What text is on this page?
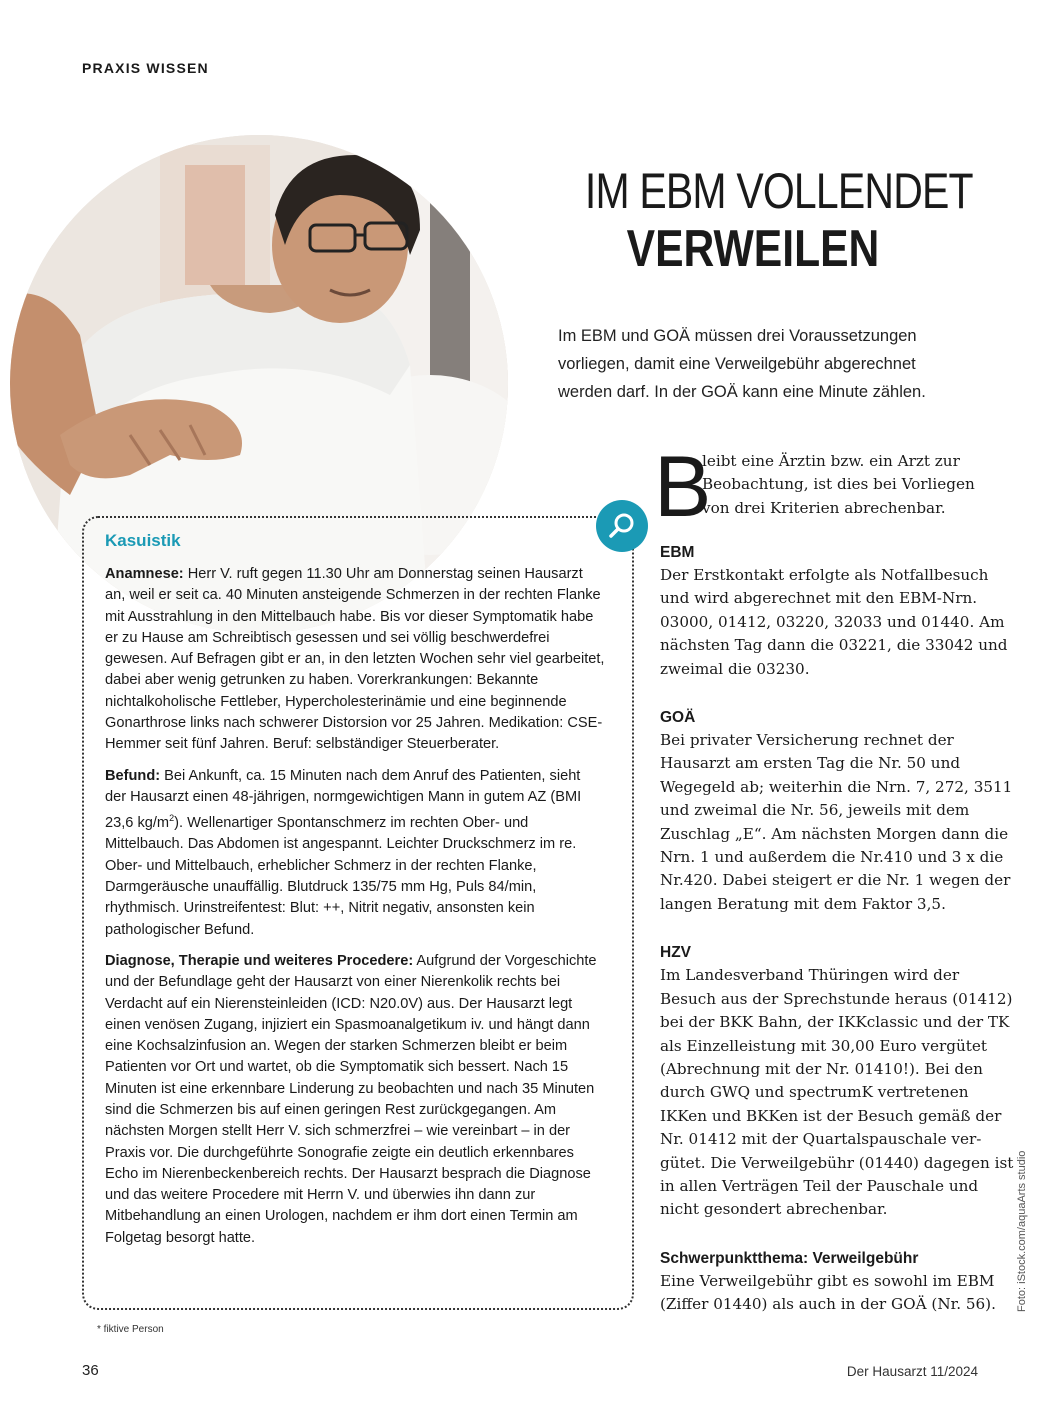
PRAXIS WISSEN
IM EBM VOLLENDET
VERWEILEN
Im EBM und GOÄ müssen drei Voraussetzungen
vorliegen, damit eine Verweilgebühr abgerechnet
werden darf. In der GOÄ kann eine Minute zählen.
Kasuistik

Anamnese: Herr V. ruft gegen 11.30 Uhr am Donnerstag seinen Hausarzt an, weil er seit ca. 40 Minuten ansteigende Schmerzen in der rechten Flanke mit Ausstrahlung in den Mittelbauch habe. Bis vor dieser Symptomatik habe er zu Hause am Schreibtisch gesessen und sei völlig beschwerdefrei gewesen. Auf Befragen gibt er an, in den letzten Wochen sehr viel gearbeitet, dabei aber wenig getrunken zu haben. Vorerkrankungen: Bekannte nichtalkoholische Fettleber, Hypercholesterinämie und eine beginnende Gonarthrose links nach schwerer Distorsion vor 25 Jahren. Medikation: CSE-Hemmer seit fünf Jahren. Beruf: selbständiger Steuerberater.

Befund: Bei Ankunft, ca. 15 Minuten nach dem Anruf des Patienten, sieht der Hausarzt einen 48-jährigen, normgewichtigen Mann in gutem AZ (BMI 23,6 $kg/m^2$). Wellenartiger Spontanschmerz im rechten Ober- und Mittelbauch. Das Abdomen ist angespannt. Leichter Druckschmerz im re. Ober- und Mittelbauch, erheblicher Schmerz in der rechten Flanke, Darmgeräusche unauffällig. Blutdruck 135/75 mm Hg, Puls 84/min, rhythmisch. Urinstreifentest: Blut: ++, Nitrit negativ, ansonsten kein pathologischer Befund.

Diagnose, Therapie und weiteres Procedere: Aufgrund der Vorgeschichte und der Befundlage geht der Hausarzt von einer Nierenkolik rechts bei Verdacht auf ein Nierensteinleiden (ICD: N20.0V) aus. Der Hausarzt legt einen venösen Zugang, injiziert ein Spasmoanalgetikum iv. und hängt dann eine Kochsalzinfusion an. Wegen der starken Schmerzen bleibt er beim Patienten vor Ort und wartet, ob die Symptomatik sich bessert. Nach 15 Minuten ist eine erkennbare Linderung zu beobachten und nach 35 Minuten sind die Schmerzen bis auf einen geringen Rest zurückgegangen. Am nächsten Morgen stellt Herr V. sich schmerzfrei – wie vereinbart – in der Praxis vor. Die durchgeführte Sonografie zeigte ein deutlich erkennbares Echo im Nierenbeckenbereich rechts. Der Hausarzt besprach die Diagnose und das weitere Procedere mit Herrn V. und überwies ihn dann zur Mitbehandlung an einen Urologen, nachdem er ihm dort einen Termin am Folgetag besorgt hatte.

* fiktive Person
36	Der Hausarzt 11/2024
Foto: iStock.com/aquaArts studio
B
leibt eine Ärztin bzw. ein Arzt zur
Beobachtung, ist dies bei Vorliegen
von drei Kriterien abrechenbar.
EBM
Der Erstkontakt erfolgte als Notfallbesuch
und wird abgerechnet mit den EBM-Nrn.
03000, 01412, 03220, 32033 und 01440. Am
nächsten Tag dann die 03221, die 33042 und
zweimal die 03230.
GOÄ
Bei privater Versicherung rechnet der
Hausarzt am ersten Tag die Nr. 50 und
Wegegeld ab; weiterhin die Nrn. 7, 272, 3511
und zweimal die Nr. 56, jeweils mit dem
Zuschlag „E“. Am nächsten Morgen dann die
Nrn. 1 und außerdem die Nr.410 und 3 x die
Nr.420. Dabei steigert er die Nr. 1 wegen der
langen Beratung mit dem Faktor 3,5.
HZV
Im Landesverband Thüringen wird der
Besuch aus der Sprechstunde heraus (01412)
bei der BKK Bahn, der IKKclassic und der TK
als Einzelleistung mit 30,00 Euro vergütet
(Abrechnung mit der Nr. 01410!). Bei den
durch GWQ und spectrumK vertretenen
IKKen und BKKen ist der Besuch gemäß der
Nr. 01412 mit der Quartalspauschale ver-
gütet. Die Verweilgebühr (01440) dagegen ist
in allen Verträgen Teil der Pauschale und
nicht gesondert abrechenbar.
Schwerpunktthema: Verweilgebühr
Eine Verweilgebühr gibt es sowohl im EBM
(Ziffer 01440) als auch in der GOÄ (Nr. 56).
